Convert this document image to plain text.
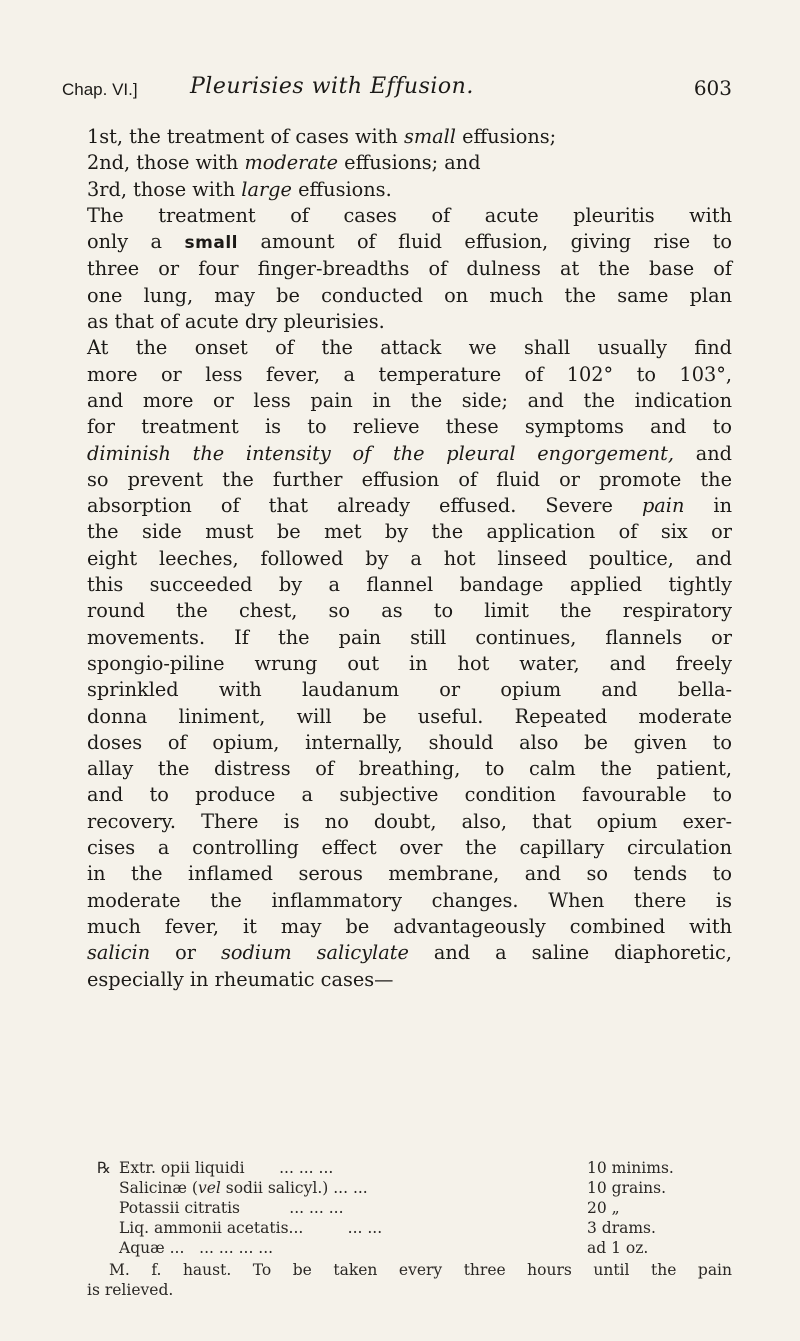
Chap. VI.] Pleurisies with Effusion.	603
1st, the treatment of cases with small effusions;
2nd, those with moderate effusions; and
3rd, those with large effusions.
The treatment of cases of acute pleuritis with
only a small amount of fluid effusion, giving rise to
three or four finger-breadths of dulness at the base of
one lung, may be conducted on much the same plan
as that of acute dry pleurisies.
At the onset of the attack we shall usually find
more or less fever, a temperature of 102° to 103°,
and more or less pain in the side; and the indication
for treatment is to relieve these symptoms and to
diminish the intensity of the pleural engorgement, and
so prevent the further effusion of fluid or promote the
absorption of that already effused. Severe pain in
the side must be met by the application of six or
eight leeches, followed by a hot linseed poultice, and
this succeeded by a flannel bandage applied tightly
round the chest, so as to limit the respiratory
movements. If the pain still continues, flannels or
spongio-piline wrung out in hot water, and freely
sprinkled with laudanum or opium and bella-
donna liniment, will be useful. Repeated moderate
doses of opium, internally, should also be given to
allay the distress of breathing, to calm the patient,
and to produce a subjective condition favourable to
recovery. There is no doubt, also, that opium exer-
cises a controlling effect over the capillary circulation
in the inflamed serous membrane, and so tends to
moderate the inflammatory changes. When there is
much fever, it may be advantageously combined with
salicin or sodium salicylate and a saline diaphoretic,
especially in rheumatic cases—
℞ Extr. opii liquidi ... ... ...	10 minims.
Salicinæ (vel sodii salicyl.) ... ...	10 grains.
Potassii citratis	... ... ...	20 „
Liq. ammonii acetatis...	... ...	3 drams.
Aquæ ... ... ... ... ...	ad 1 oz.
M. f. haust. To be taken every three hours until the pain
is relieved.
